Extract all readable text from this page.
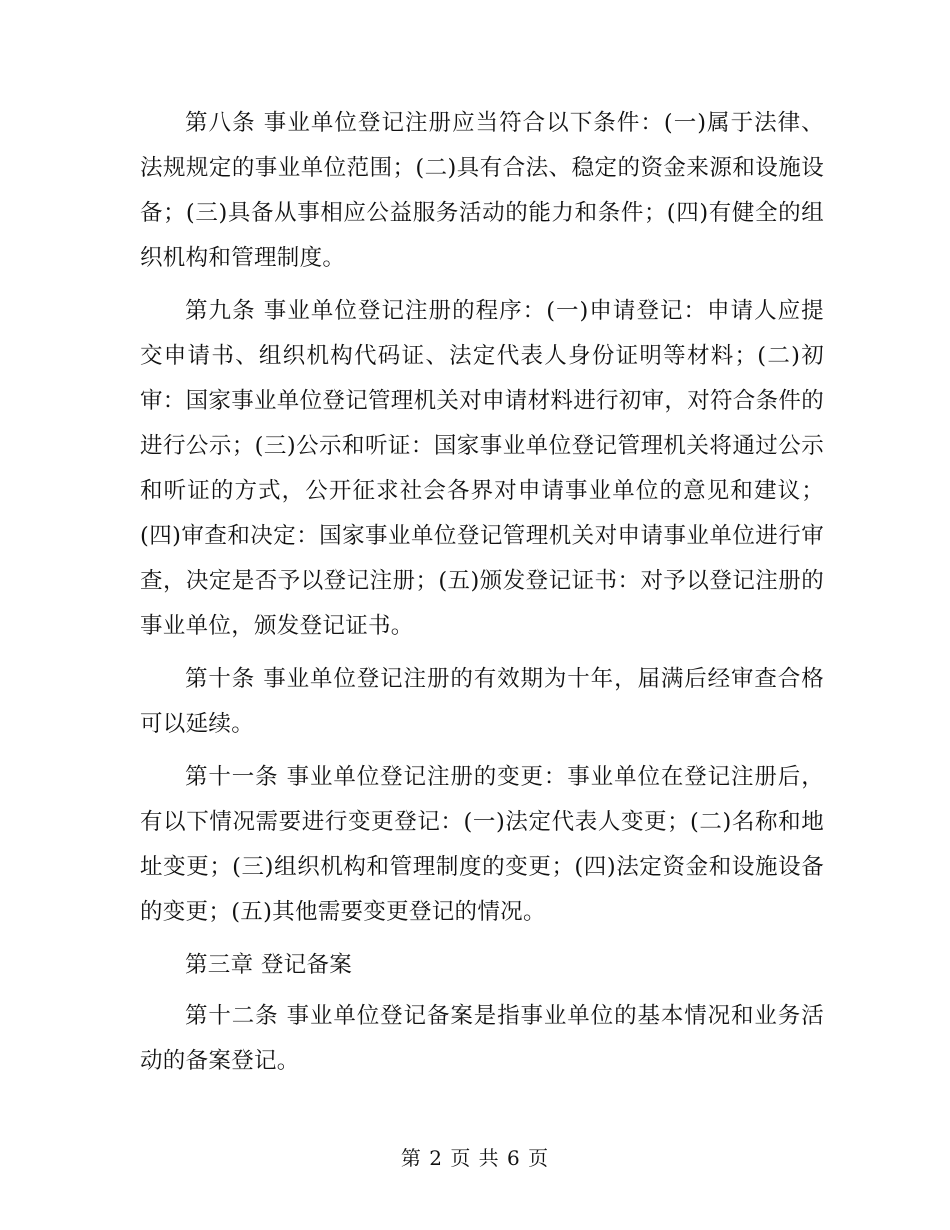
第八条 事业单位登记注册应当符合以下条件：(一)属于法律、法规规定的事业单位范围；(二)具有合法、稳定的资金来源和设施设备；(三)具备从事相应公益服务活动的能力和条件；(四)有健全的组织机构和管理制度。

第九条 事业单位登记注册的程序：(一)申请登记：申请人应提交申请书、组织机构代码证、法定代表人身份证明等材料；(二)初审：国家事业单位登记管理机关对申请材料进行初审，对符合条件的进行公示；(三)公示和听证：国家事业单位登记管理机关将通过公示和听证的方式，公开征求社会各界对申请事业单位的意见和建议；(四)审查和决定：国家事业单位登记管理机关对申请事业单位进行审查，决定是否予以登记注册；(五)颁发登记证书：对予以登记注册的事业单位，颁发登记证书。

第十条 事业单位登记注册的有效期为十年，届满后经审查合格可以延续。

第十一条 事业单位登记注册的变更：事业单位在登记注册后，有以下情况需要进行变更登记：(一)法定代表人变更；(二)名称和地址变更；(三)组织机构和管理制度的变更；(四)法定资金和设施设备的变更；(五)其他需要变更登记的情况。

第三章 登记备案

第十二条 事业单位登记备案是指事业单位的基本情况和业务活动的备案登记。

第 2 页 共 6 页
